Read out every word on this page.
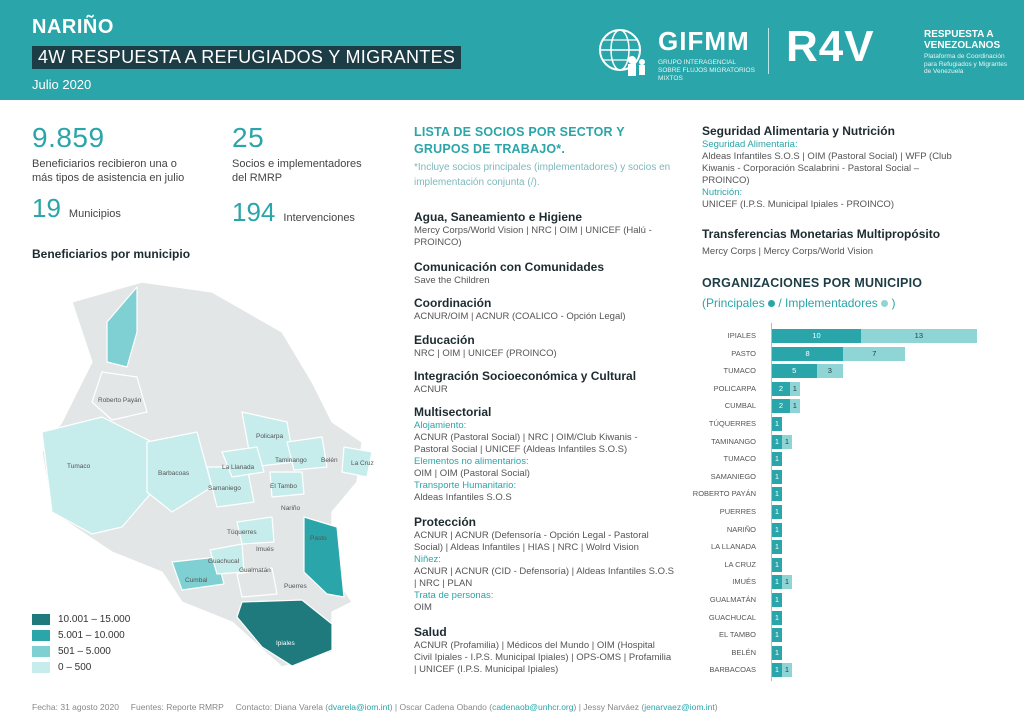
NARIÑO
4W RESPUESTA A REFUGIADOS Y MIGRANTES
Julio 2020
GIFMM
GRUPO INTERAGENCIAL SOBRE FLUJOS MIGRATORIOS MIXTOS
R4V	RESPUESTA A VENEZOLANOS
Plataforma de Coordinación para Refugiados y Migrantes de Venezuela
9.859
Beneficiarios recibieron una o más tipos de asistencia en julio
25
Socios e implementadores del RMRP
19 Municipios	194 Intervenciones
Beneficiarios por municipio
Roberto Payán
Tumaco
Barbacoas
La Llanada
Samaniego
Policarpa
Taminango Belén La Cruz
El Tambo
Nariño
Túquerres
Imués
Guachucal
Cumbal
Gualmatán
Puerres
Pasto
Ipiales
10.001 – 15.000
5.001 – 10.000
501 – 5.000
0 – 500
LISTA DE SOCIOS POR SECTOR Y GRUPOS DE TRABAJO*.
*Incluye socios principales (implementadores) y socios en implementación conjunta (/).
Agua, Saneamiento e Higiene
Mercy Corps/World Vision | NRC | OIM | UNICEF (Halú - PROINCO)
Comunicación con Comunidades
Save the Children
Coordinación
ACNUR/OIM | ACNUR (COALICO - Opción Legal)
Educación
NRC | OIM | UNICEF (PROINCO)
Integración Socioeconómica y Cultural
ACNUR
Multisectorial
Alojamiento:
ACNUR (Pastoral Social) | NRC | OIM/Club Kiwanis - Pastoral Social | UNICEF (Aldeas Infantiles S.O.S)
Elementos no alimentarios:
OIM | OIM (Pastoral Social)
Transporte Humanitario:
Aldeas Infantiles S.O.S
Protección
ACNUR | ACNUR (Defensoría - Opción Legal - Pastoral Social) | Aldeas Infantiles | HIAS | NRC | Wolrd Vision
Niñez:
ACNUR | ACNUR (CID - Defensoría) | Aldeas Infantiles S.O.S | NRC | PLAN
Trata de personas:
OIM
Salud
ACNUR (Profamilia) | Médicos del Mundo | OIM (Hospital Civil Ipiales - I.P.S. Municipal Ipiales) | OPS-OMS | Profamilia | UNICEF (I.P.S. Municipal Ipiales)
Seguridad Alimentaria y Nutrición
Seguridad Alimentaria:
Aldeas Infantiles S.O.S | OIM (Pastoral Social) | WFP (Club Kiwanis - Corporación Scalabrini - Pastoral Social – PROINCO)
Nutrición:
UNICEF (I.P.S. Municipal Ipiales - PROINCO)
Transferencias Monetarias Multipropósito
Mercy Corps | Mercy Corps/World Vision
ORGANIZACIONES POR MUNICIPIO
(Principales / Implementadores )
IPIALES	10	13
PASTO	8	7
TUMACO	5	3
POLICARPA	2	1
CUMBAL	2	1
TÚQUERRES	1
TAMINANGO	1 1
TUMACO	1
SAMANIEGO	1
ROBERTO PAYÁN	1
PUERRES	1
NARIÑO	1
LA LLANADA	1
LA CRUZ	1
IMUÉS	1 1
GUALMATÁN	1
GUACHUCAL	1
EL TAMBO	1
BELÉN	1
BARBACOAS	1 1
Fecha: 31 agosto 2020 Fuentes: Reporte RMRP Contacto: Diana Varela (dvarela@iom.int) | Oscar Cadena Obando (cadenaob@unhcr.org) | Jessy Narváez (jenarvaez@iom.int)
